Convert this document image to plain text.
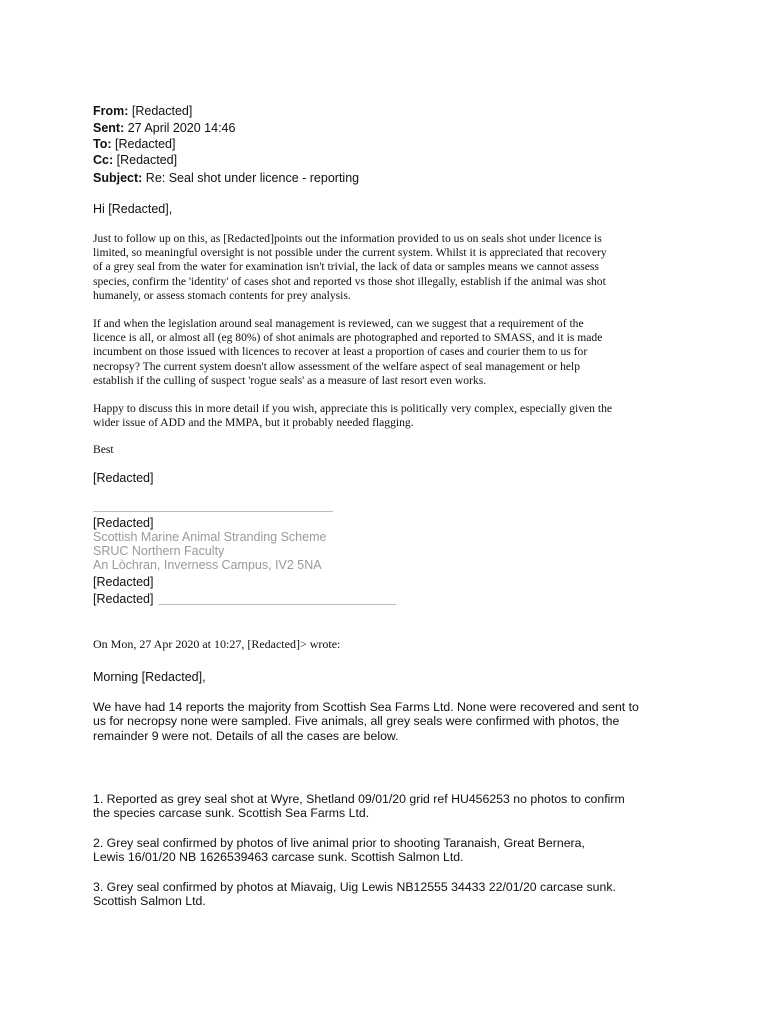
From: [Redacted]
Sent: 27 April 2020 14:46
To: [Redacted]
Cc: [Redacted]
Subject: Re: Seal shot under licence - reporting
Hi [Redacted],
Just to follow up on this, as [Redacted]points out the information provided to us on seals shot under licence is
limited, so meaningful oversight is not possible under the current system. Whilst it is appreciated that recovery
of a grey seal from the water for examination isn't trivial, the lack of data or samples means we cannot assess
species, confirm the 'identity' of cases shot and reported vs those shot illegally, establish if the animal was shot
humanely, or assess stomach contents for prey analysis.
If and when the legislation around seal management is reviewed, can we suggest that a requirement of the
licence is all, or almost all (eg 80%) of shot animals are photographed and reported to SMASS, and it is made
incumbent on those issued with licences to recover at least a proportion of cases and courier them to us for
necropsy? The current system doesn't allow assessment of the welfare aspect of seal management or help
establish if the culling of suspect 'rogue seals' as a measure of last resort even works.
Happy to discuss this in more detail if you wish, appreciate this is politically very complex, especially given the
wider issue of ADD and the MMPA, but it probably needed flagging.
Best
[Redacted]
[Redacted]
Scottish Marine Animal Stranding Scheme
SRUC Northern Faculty
An Lòchran, Inverness Campus, IV2 5NA
[Redacted]
[Redacted]
On Mon, 27 Apr 2020 at 10:27, [Redacted]> wrote:
Morning [Redacted],
We have had 14 reports the majority from Scottish Sea Farms Ltd. None were recovered and sent to
us for necropsy none were sampled. Five animals, all grey seals were confirmed with photos, the
remainder 9 were not. Details of all the cases are below.
1. Reported as grey seal shot at Wyre, Shetland 09/01/20 grid ref HU456253 no photos to confirm
the species carcase sunk. Scottish Sea Farms Ltd.
2. Grey seal confirmed by photos of live animal prior to shooting Taranaish, Great Bernera,
Lewis 16/01/20 NB 1626539463 carcase sunk. Scottish Salmon Ltd.
3. Grey seal confirmed by photos at Miavaig, Uig Lewis NB12555 34433 22/01/20 carcase sunk.
Scottish Salmon Ltd.
